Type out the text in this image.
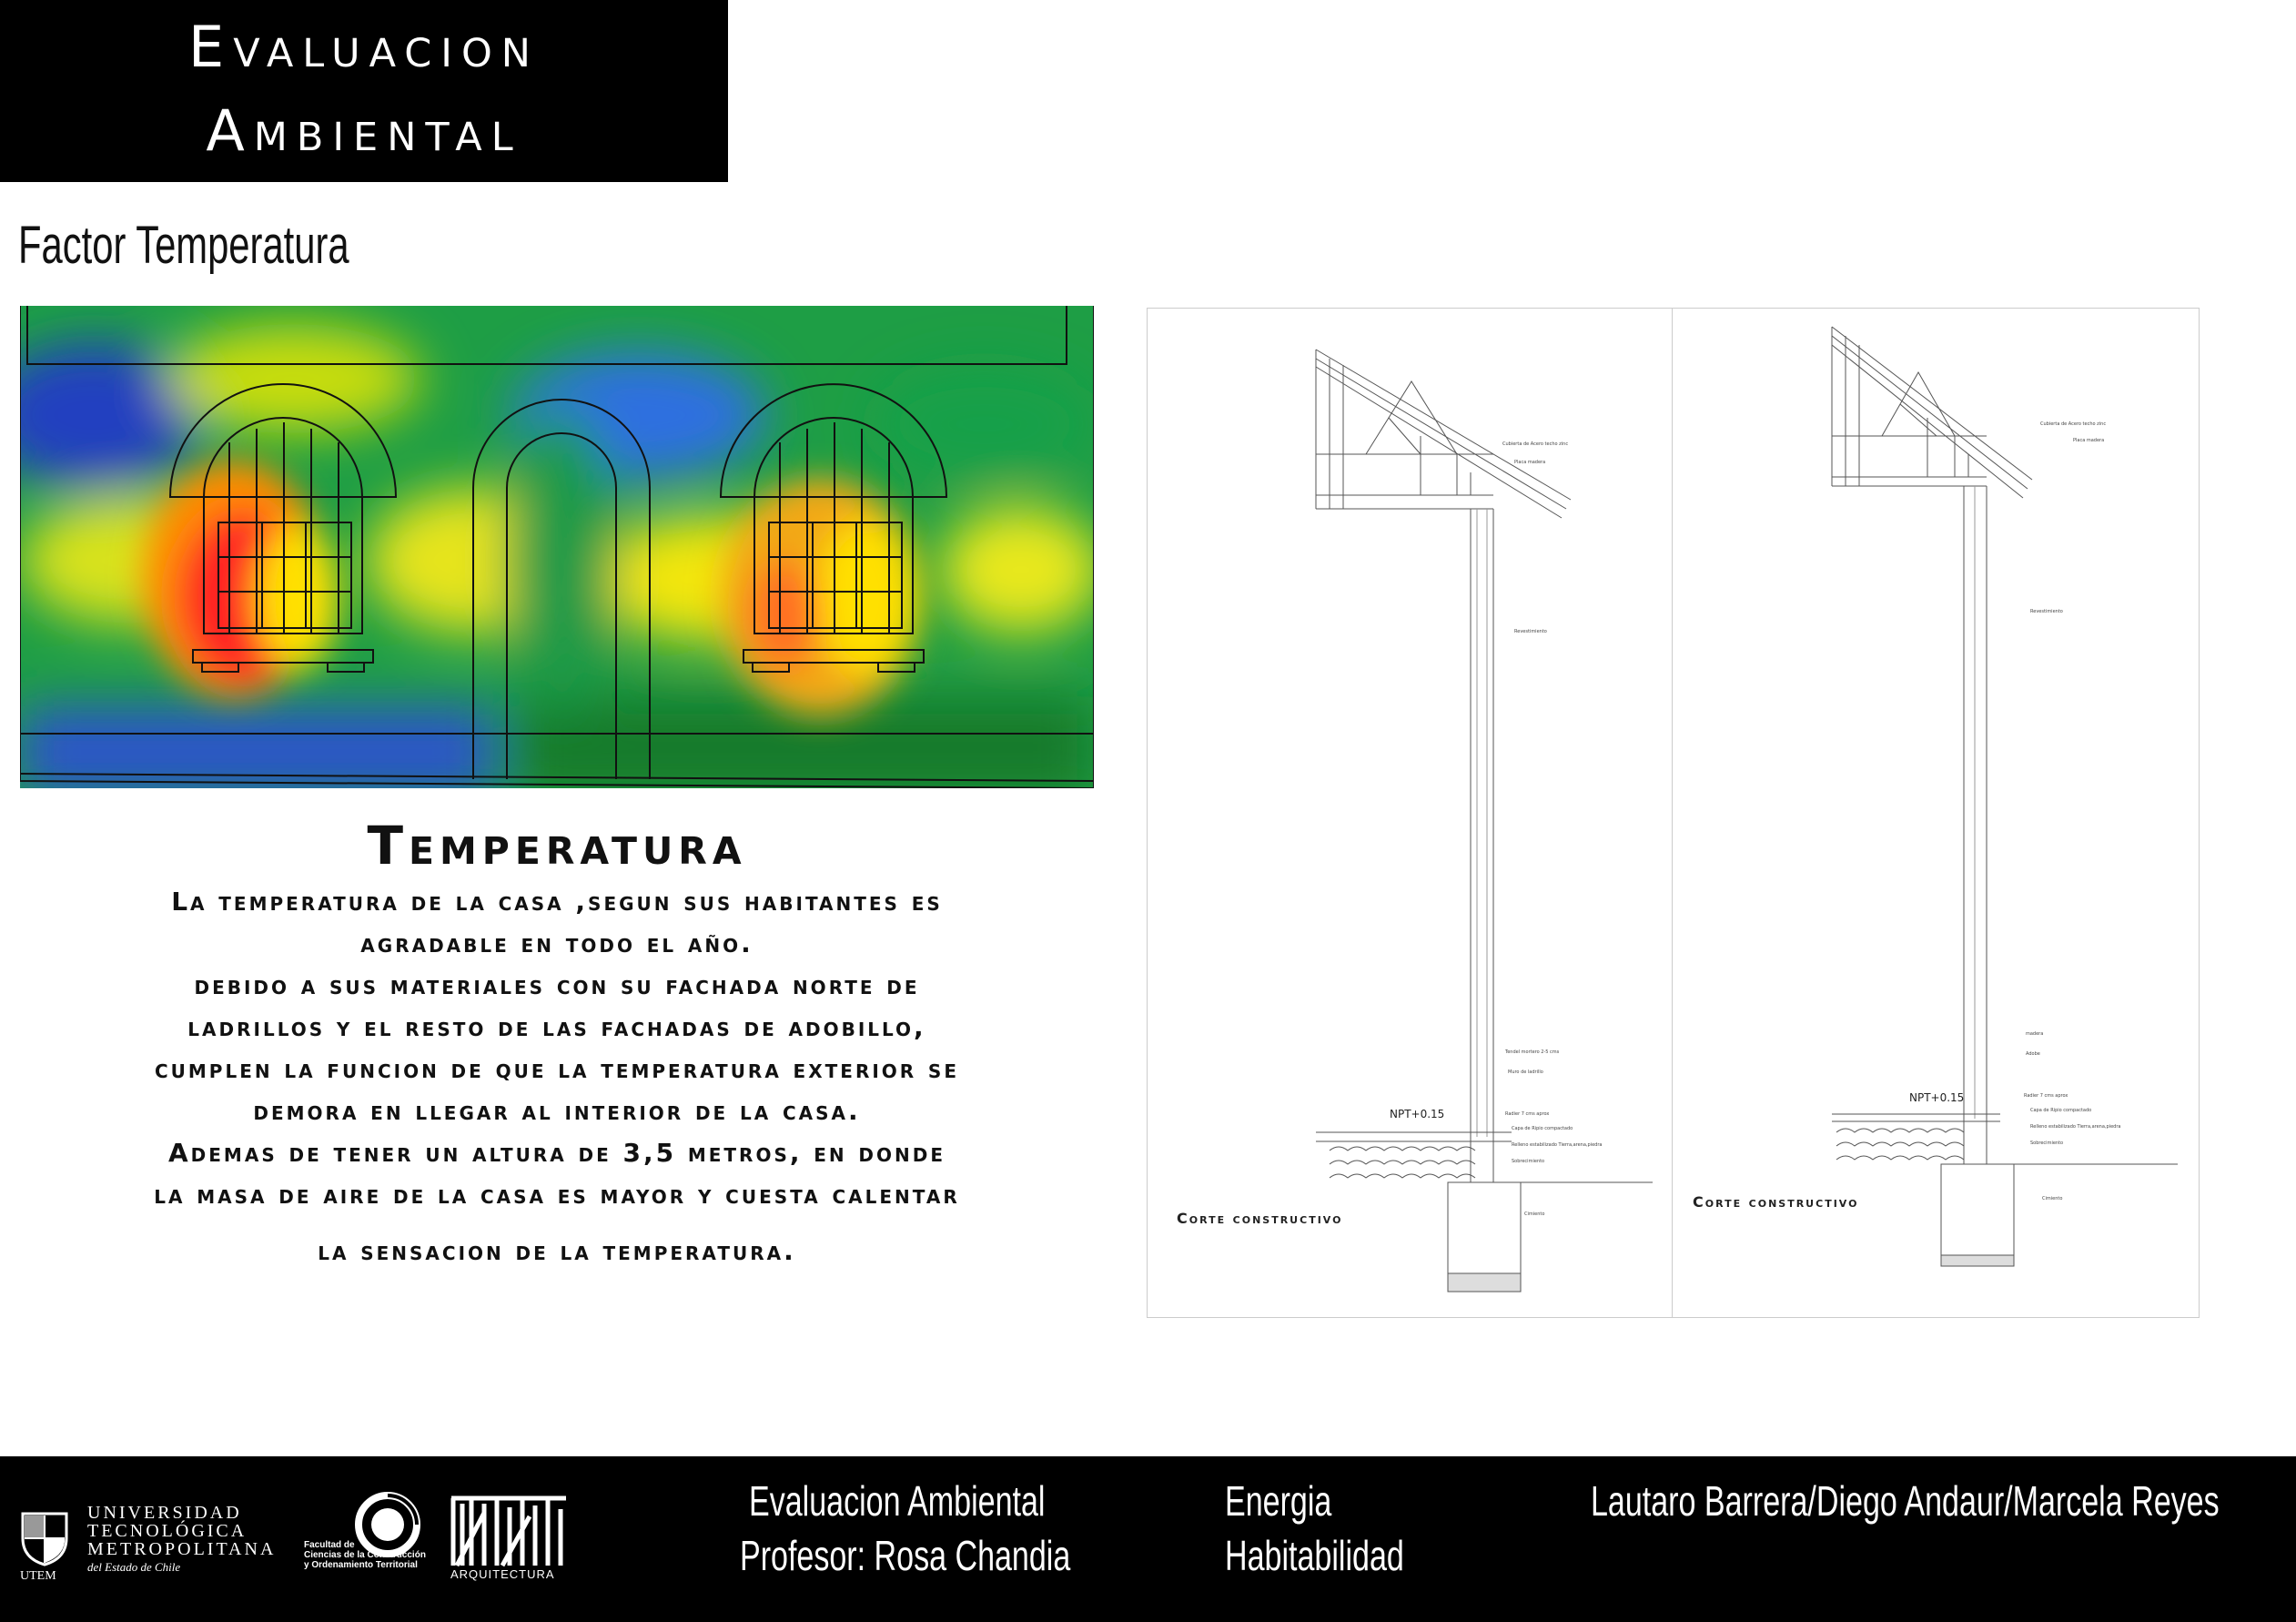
Evaluacion
Ambiental
Factor Temperatura
Temperatura
La temperatura de la casa ,segun sus habitantes es
agradable en todo el año.
debido a sus materiales con su fachada norte de
ladrillos y el resto de las fachadas de adobillo,
cumplen la funcion de que la temperatura exterior se
demora en llegar al interior de la casa.
Ademas de tener un altura de 3,5 metros, en donde
la masa de aire de la casa es mayor y cuesta calentar
la sensacion de la temperatura.
NPT+0.15
Corte constructivo
Cubierta de Acero techo zinc
Placa madera
Revestimiento
Tendel mortero 2-5 cms
Muro de ladrillo
Radier 7 cms aprox
Capa de Ripio compactado
Relleno estabilizado Tierra,arena,piedra
Sobrecimiento
Cimiento
NPT+0.15
Corte constructivo
Cubierta de Acero techo zinc
Placa madera
Revestimiento
madera
Adobe
Radier 7 cms aprox
Capa de Ripio compactado
Relleno estabilizado Tierra,arena,piedra
Sobrecimiento
Cimiento
UTEM
UNIVERSIDAD
TECNOLÓGICA
METROPOLITANA
del Estado de Chile
Facultad de
Ciencias de la Construcción
y Ordenamiento Territorial
ARQUITECTURA
Evaluacion Ambiental
Profesor: Rosa Chandia
Energia
Habitabilidad
Lautaro Barrera/Diego Andaur/Marcela Reyes
